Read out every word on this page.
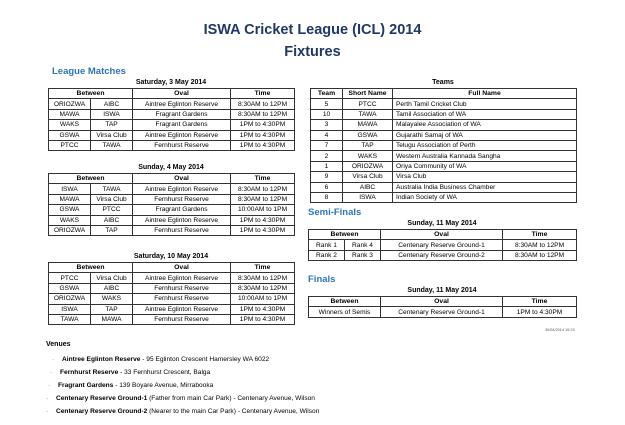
ISWA Cricket League (ICL) 2014
Fixtures
League Matches
Saturday, 3 May 2014
Between		Oval	Time
ORIOZWA	AIBC	Aintree Eglinton Reserve	8:30AM to 12PM
MAWA	ISWA	Fragrant Gardens	8:30AM to 12PM
WAKS	TAP	Fragrant Gardens	1PM to 4:30PM
GSWA	Virsa Club	Aintree Eglinton Reserve	1PM to 4:30PM
PTCC	TAWA	Fernhurst Reserve	1PM to 4:30PM
Sunday, 4 May 2014
Between		Oval	Time
ISWA	TAWA	Aintree Eglinton Reserve	8:30AM to 12PM
MAWA	Virsa Club	Fernhurst Reserve	8:30AM to 12PM
GSWA	PTCC	Fragrant Gardens	10:00AM to 1PM
WAKS	AIBC	Aintree Eglinton Reserve	1PM to 4:30PM
ORIOZWA	TAP	Fernhurst Reserve	1PM to 4:30PM
Saturday, 10 May 2014
Between		Oval	Time
PTCC	Virsa Club	Aintree Eglinton Reserve	8:30AM to 12PM
GSWA	AIBC	Fernhurst Reserve	8:30AM to 12PM
ORIOZWA	WAKS	Fernhurst Reserve	10:00AM to 1PM
ISWA	TAP	Aintree Eglinton Reserve	1PM to 4:30PM
TAWA	MAWA	Fernhurst Reserve	1PM to 4:30PM
Teams
Team	Short Name	Full Name
5	PTCC	Perth Tamil Cricket Club
10	TAWA	Tamil Association of WA
3	MAWA	Malayalee Association of WA
4	GSWA	Gujarathi Samaj of WA
7	TAP	Telugu Association of Perth
2	WAKS	Western Australia Kannada Sangha
1	ORIOZWA	Oriya Community of WA
9	Virsa Club	Virsa Club
6	AIBC	Australia India Business Chamber
8	ISWA	Indian Society of WA
Semi-Finals
Sunday, 11 May 2014
Between		Oval	Time
Rank 1	Rank 4	Centenary Reserve Ground-1	8:30AM to 12PM
Rank 2	Rank 3	Centenary Reserve Ground-2	8:30AM to 12PM
Finals
Sunday, 11 May 2014
Between	Oval	Time
Winners of Semis	Centenary Reserve Ground-1	1PM to 4:30PM
30/04/2014 19:23
Venues
· Aintree Eglinton Reserve - 95 Eglinton Crescent Hamersley WA 6022
· Fernhurst Reserve - 33 Fernhurst Crescent, Balga
· Fragrant Gardens - 139 Boyare Avenue, Mirrabooka
· Centenary Reserve Ground-1 (Father from main Car Park) - Centenary Avenue, Wilson
· Centenary Reserve Ground-2 (Nearer to the main Car Park) - Centenary Avenue, Wilson
